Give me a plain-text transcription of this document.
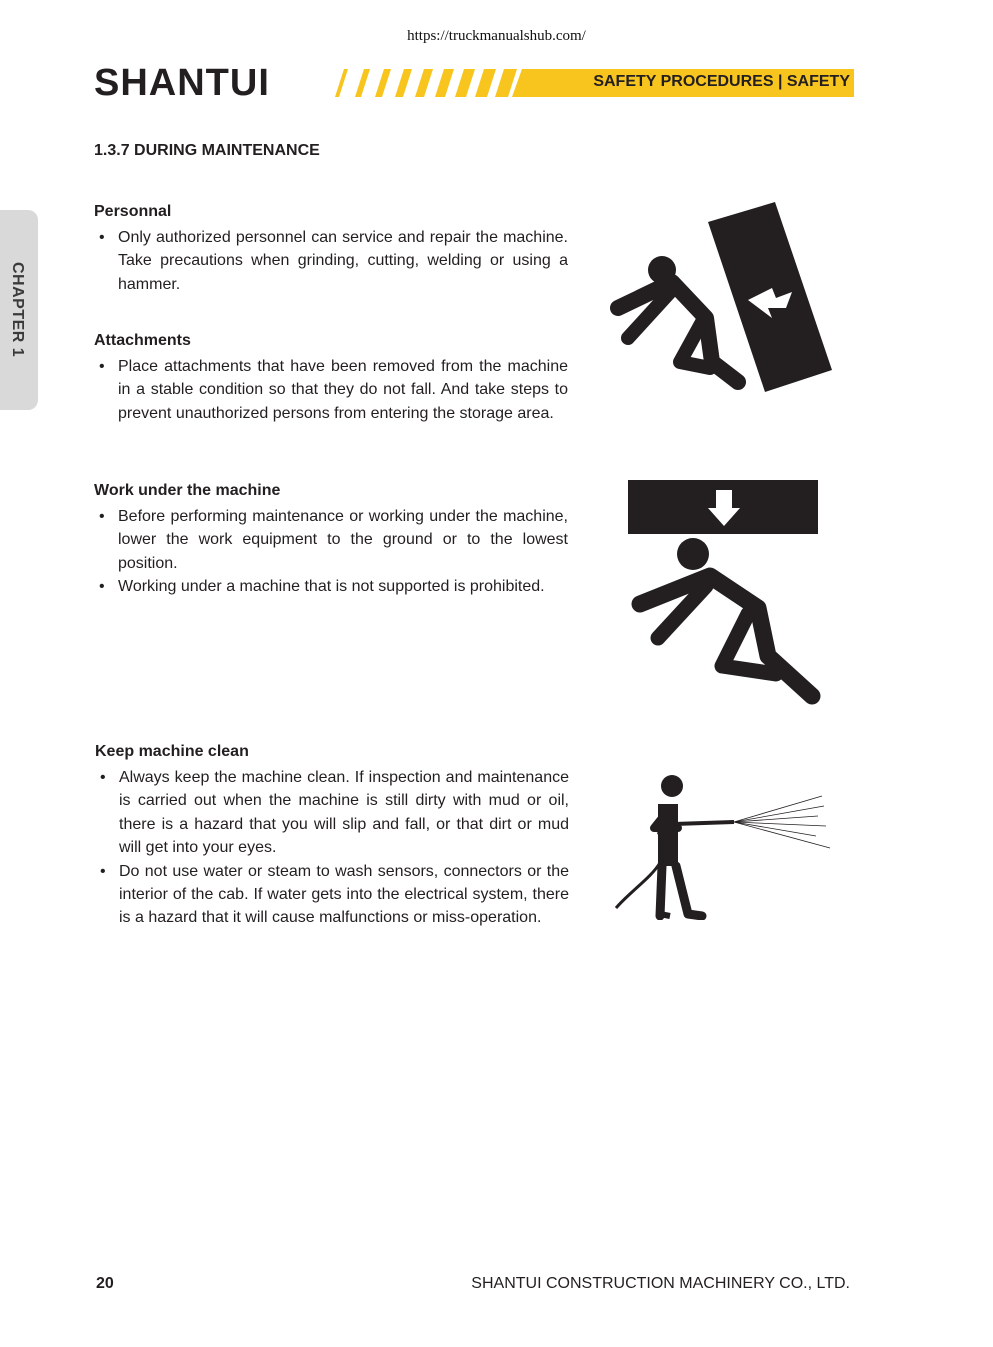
https://truckmanualshub.com/
SHANTUI	SAFETY PROCEDURES | SAFETY
CHAPTER 1
1.3.7 DURING MAINTENANCE
Personnal
• Only authorized personnel can service and repair the machine. Take precautions when grinding, cutting, welding or using a hammer.
Attachments
• Place attachments that have been removed from the machine in a stable condition so that they do not fall. And take steps to prevent unauthorized persons from entering the storage area.
Work under the machine
• Before performing maintenance or working under the machine, lower the work equipment to the ground or to the lowest position.
• Working under a machine that is not supported is prohibited.
Keep machine clean
• Always keep the machine clean. If inspection and maintenance is carried out when the machine is still dirty with mud or oil, there is a hazard that you will slip and fall, or that dirt or mud will get into your eyes.
• Do not use water or steam to wash sensors, connectors or the interior of the cab. If water gets into the electrical system, there is a hazard that it will cause malfunctions or miss-operation.
20	SHANTUI CONSTRUCTION MACHINERY CO., LTD.
